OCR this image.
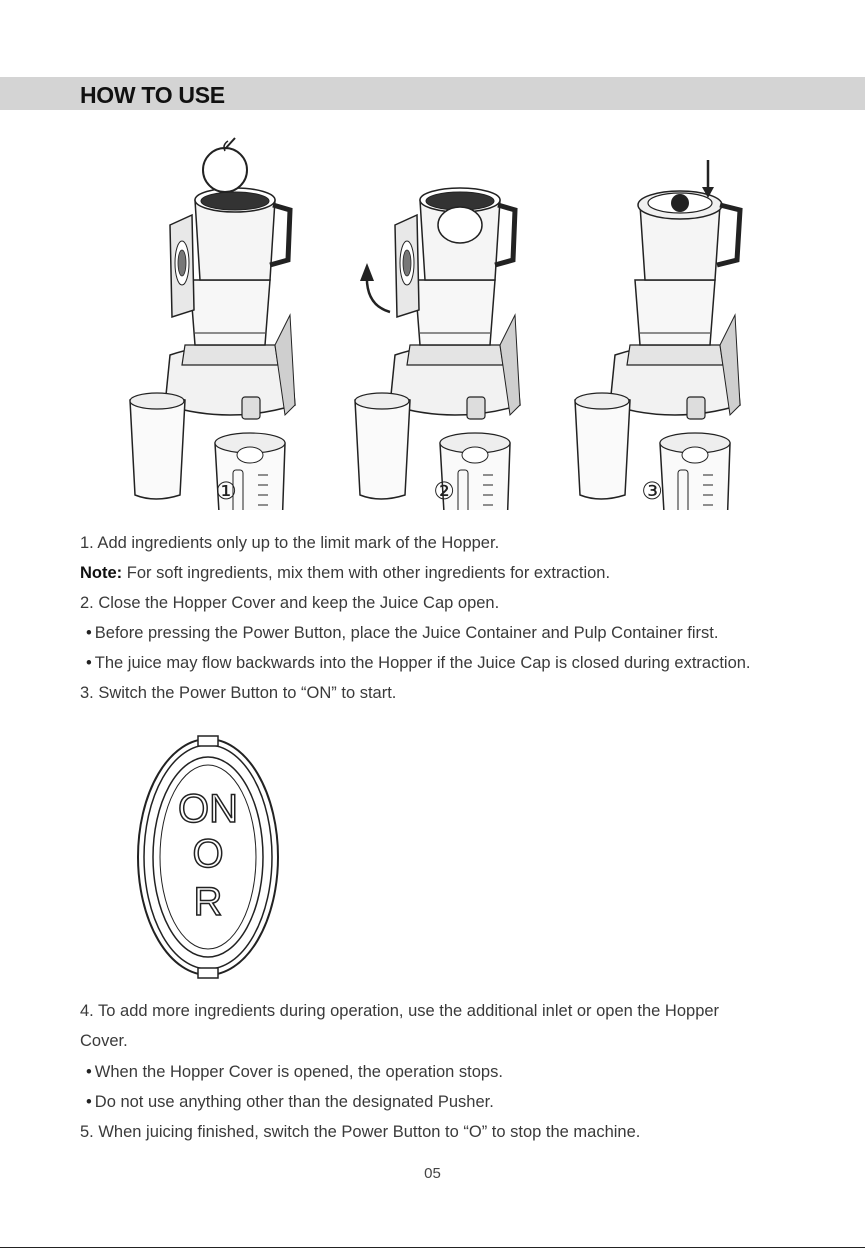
HOW TO USE
①	②	③
1. Add ingredients only up to the limit mark of the Hopper.
Note: For soft ingredients, mix them with other ingredients for extraction.
2. Close the Hopper Cover and keep the Juice Cap open.
• Before pressing the Power Button, place the Juice Container and Pulp Container first.
• The juice may flow backwards into the Hopper if the Juice Cap is closed during extraction.
3. Switch the Power Button to “ON” to start.
ON
O
R
4. To add more ingredients during operation, use the additional inlet or open the Hopper
Cover.
• When the Hopper Cover is opened, the operation stops.
• Do not use anything other than the designated Pusher.
5. When juicing finished, switch the Power Button to “O” to stop the machine.
05
